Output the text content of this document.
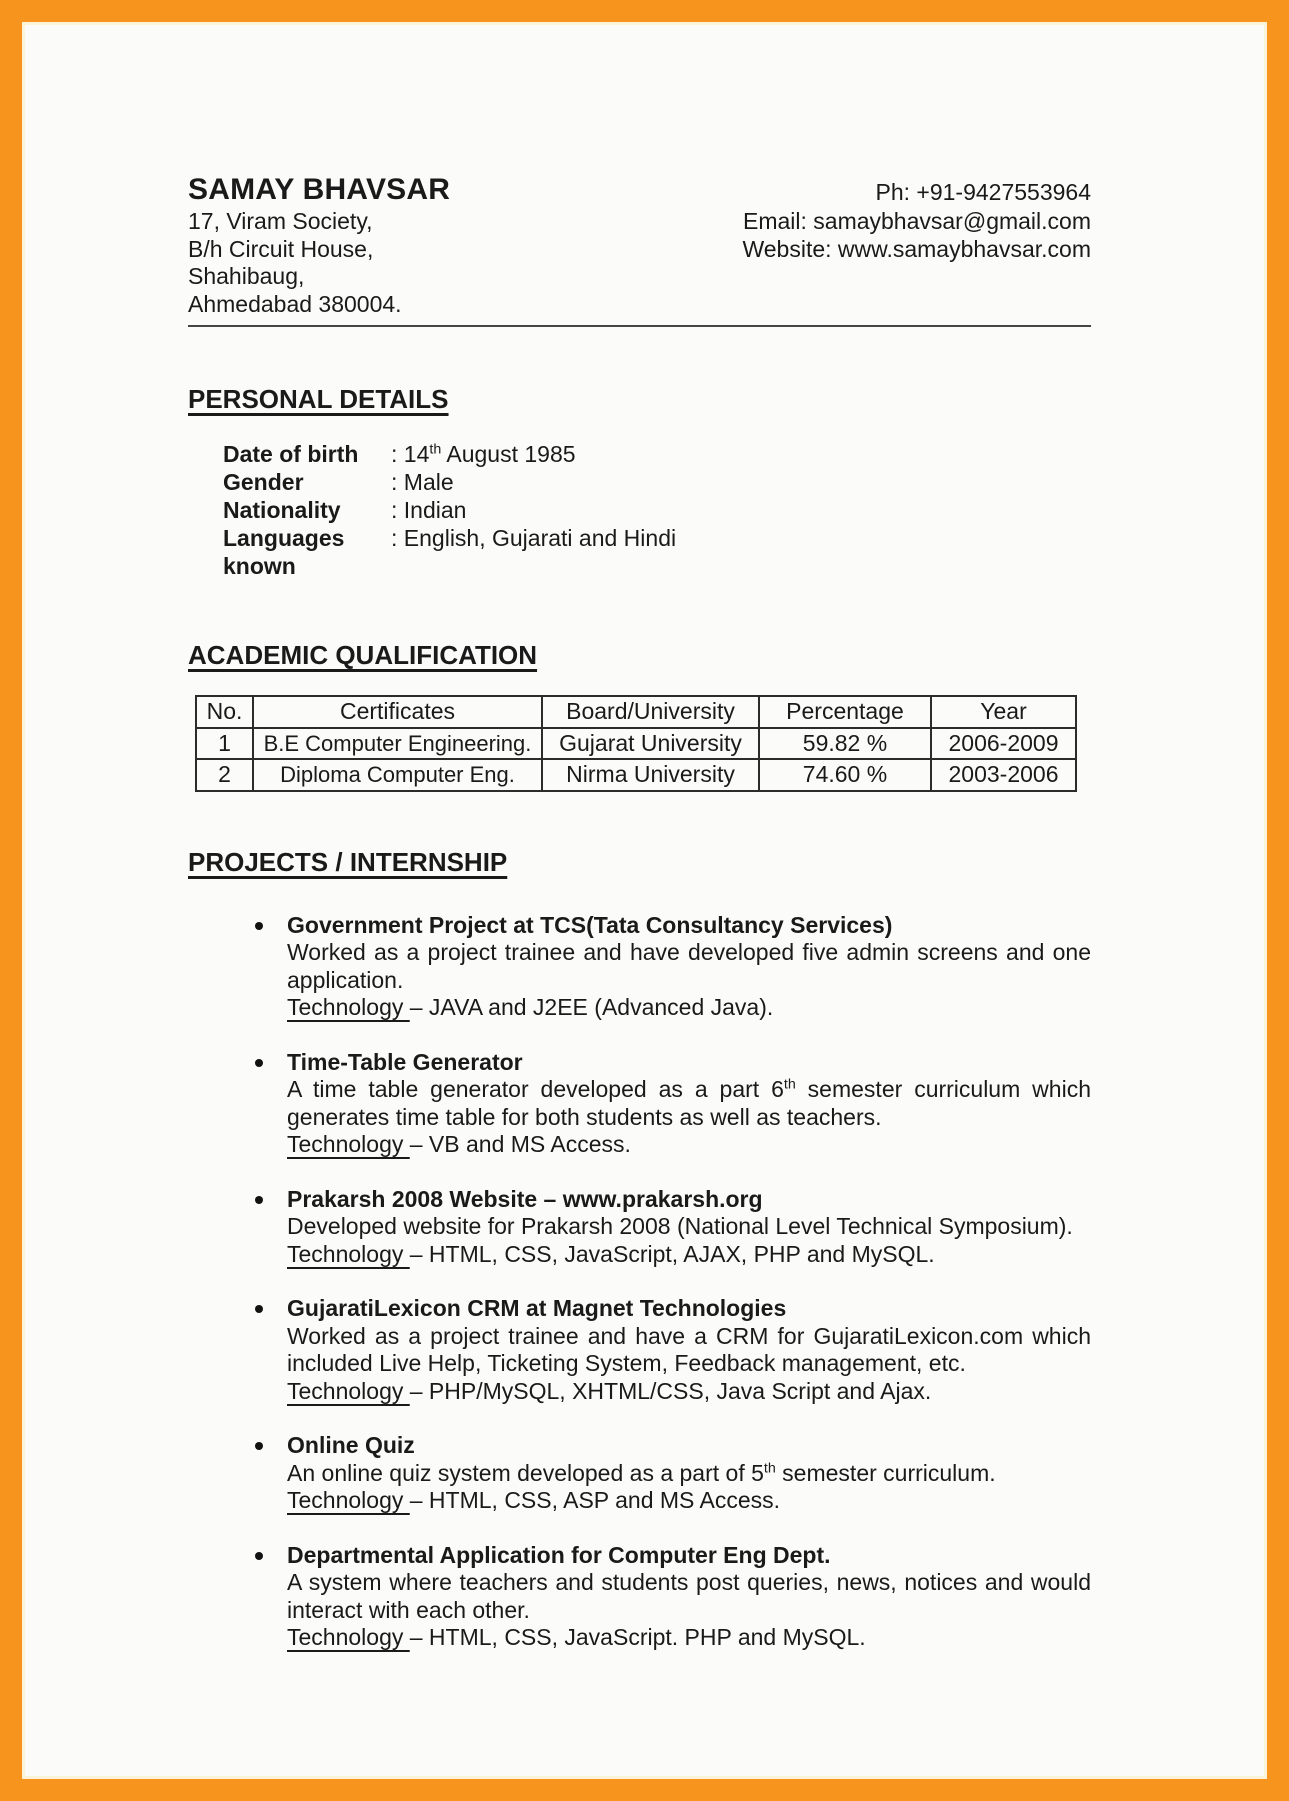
SAMAY BHAVSAR
17, Viram Society,
B/h Circuit House,
Shahibaug,
Ahmedabad 380004.
Ph: +91-9427553964
Email: samaybhavsar@gmail.com
Website: www.samaybhavsar.com
PERSONAL DETAILS
Date of birth	: 14th August 1985
Gender	: Male
Nationality	: Indian
Languages known
: English, Gujarati and Hindi
ACADEMIC QUALIFICATION
No.	Certificates	Board/University	Percentage	Year
1	B.E Computer Engineering.	Gujarat University	59.82 %	2006-2009
2	Diploma Computer Eng.	Nirma University	74.60 %	2003-2006
PROJECTS / INTERNSHIP
Government Project at TCS(Tata Consultancy Services)
Worked as a project trainee and have developed five admin screens and one
application.
Technology – JAVA and J2EE (Advanced Java).
Time-Table Generator
A time table generator developed as a part 6th semester curriculum which
generates time table for both students as well as teachers.
Technology – VB and MS Access.
Prakarsh 2008 Website – www.prakarsh.org
Developed website for Prakarsh 2008 (National Level Technical Symposium).
Technology – HTML, CSS, JavaScript, AJAX, PHP and MySQL.
GujaratiLexicon CRM at Magnet Technologies
Worked as a project trainee and have a CRM for GujaratiLexicon.com which
included Live Help, Ticketing System, Feedback management, etc.
Technology – PHP/MySQL, XHTML/CSS, Java Script and Ajax.
Online Quiz
An online quiz system developed as a part of 5th semester curriculum.
Technology – HTML, CSS, ASP and MS Access.
Departmental Application for Computer Eng Dept.
A system where teachers and students post queries, news, notices and would
interact with each other.
Technology – HTML, CSS, JavaScript. PHP and MySQL.
